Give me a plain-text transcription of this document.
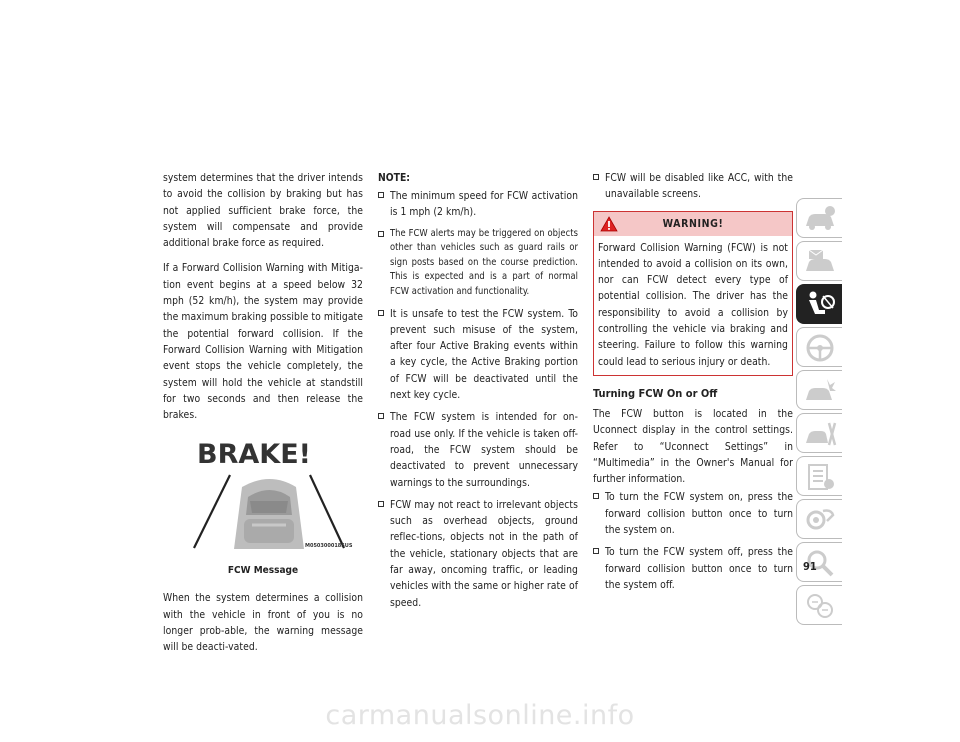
system determines that the driver intends to avoid the collision by braking but has not applied sufficient brake force, the system will compensate and provide additional brake force as required.

If a Forward Collision Warning with Mitiga-tion event begins at a speed below 32 mph (52 km/h), the system may provide the maximum braking possible to mitigate the potential forward collision. If the Forward Collision Warning with Mitigation event stops the vehicle completely, the system will hold the vehicle at standstill for two seconds and then release the brakes.

BRAKE!
M0503000185US
FCW Message

When the system determines a collision with the vehicle in front of you is no longer prob-able, the warning message will be deacti-vated.

NOTE:

The minimum speed for FCW activation is 1 mph (2 km/h).

The FCW alerts may be triggered on objects other than vehicles such as guard rails or sign posts based on the course prediction. This is expected and is a part of normal FCW activation and functionality.

It is unsafe to test the FCW system. To prevent such misuse of the system, after four Active Braking events within a key cycle, the Active Braking portion of FCW will be deactivated until the next key cycle.

The FCW system is intended for on-road use only. If the vehicle is taken off-road, the FCW system should be deactivated to prevent unnecessary warnings to the surroundings.

FCW may not react to irrelevant objects such as overhead objects, ground reflec-tions, objects not in the path of the vehicle, stationary objects that are far away, oncoming traffic, or leading vehicles with the same or higher rate of speed.

FCW will be disabled like ACC, with the unavailable screens.

WARNING!

Forward Collision Warning (FCW) is not intended to avoid a collision on its own, nor can FCW detect every type of potential collision. The driver has the responsibility to avoid a collision by controlling the vehicle via braking and steering. Failure to follow this warning could lead to serious injury or death.

Turning FCW On or Off

The FCW button is located in the Uconnect display in the control settings. Refer to “Uconnect Settings” in “Multimedia” in the Owner's Manual for further information.

To turn the FCW system on, press the forward collision button once to turn the system on.

To turn the FCW system off, press the forward collision button once to turn the system off.

91
carmanualsonline.info
